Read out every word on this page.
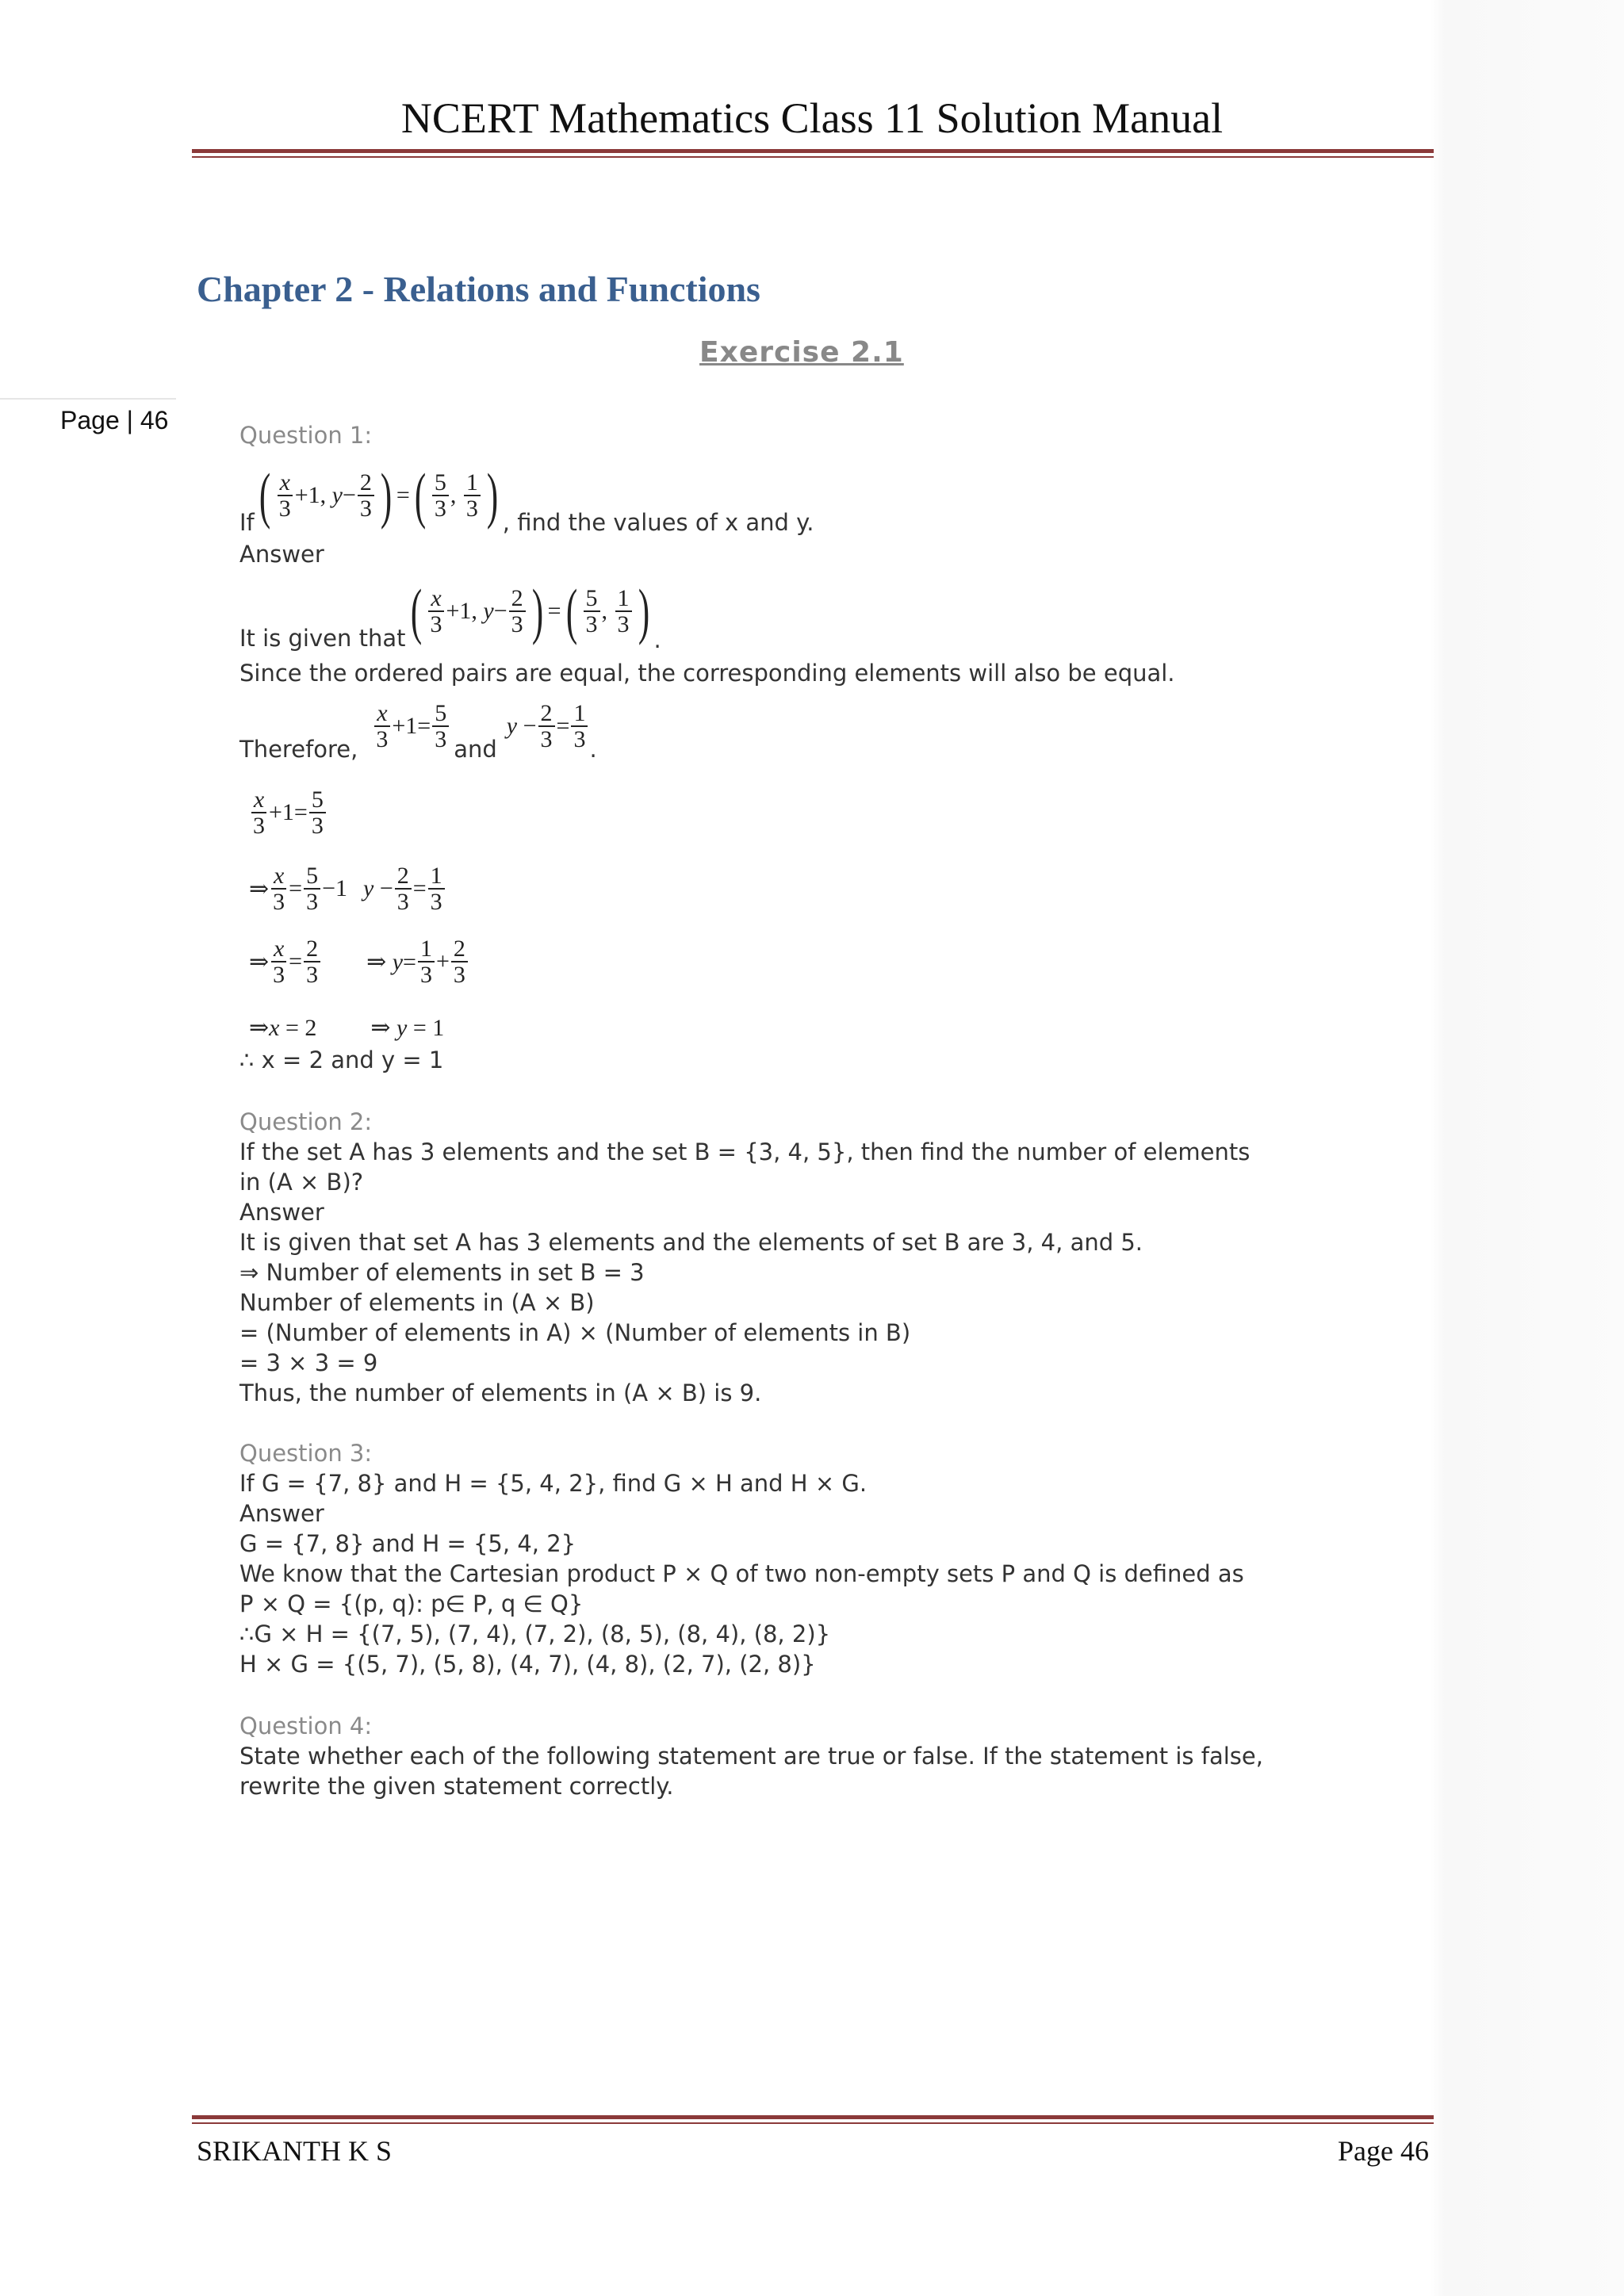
NCERT Mathematics Class 11 Solution Manual
Chapter 2 - Relations and Functions
Exercise 2.1
Page | 46
Question 1:
If ( $\frac{x}{3} +1$, $y - \frac{2}{3}$ ) = ( $\frac{5}{3}$ , $\frac{1}{3}$ ) , find the values of x and y.
Answer
It is given that ( $\frac{x}{3} +1$, $y - \frac{2}{3}$ ) = ( $\frac{5}{3}$ , $\frac{1}{3}$ ) .
Since the ordered pairs are equal, the corresponding elements will also be equal.
Therefore, $\frac{x}{3} +1= \frac{5}{3}$ and
$y - \frac{2}{3} = \frac{1}{3}$ .
$\frac{x}{3} +1= \frac{5}{3}$
⇒ $\frac{x}{3} = \frac{5}{3} -1$ $y - \frac{2}{3} = \frac{1}{3}$
⇒ $\frac{x}{3} = \frac{2}{3}$ ⇒ $y= \frac{1}{3} + \frac{2}{3}$
⇒x = 2 ⇒ y = 1
∴ x = 2 and y = 1
Question 2:
If the set A has 3 elements and the set B = {3, 4, 5}, then find the number of elements
in (A × B)?
Answer
It is given that set A has 3 elements and the elements of set B are 3, 4, and 5.
⇒ Number of elements in set B = 3
Number of elements in (A × B)
= (Number of elements in A) × (Number of elements in B)
= 3 × 3 = 9
Thus, the number of elements in (A × B) is 9.
Question 3:
If G = {7, 8} and H = {5, 4, 2}, find G × H and H × G.
Answer
G = {7, 8} and H = {5, 4, 2}
We know that the Cartesian product P × Q of two non-empty sets P and Q is defined as
P × Q = {(p, q): p∈ P, q ∈ Q}
∴G × H = {(7, 5), (7, 4), (7, 2), (8, 5), (8, 4), (8, 2)}
H × G = {(5, 7), (5, 8), (4, 7), (4, 8), (2, 7), (2, 8)}
Question 4:
State whether each of the following statement are true or false. If the statement is false,
rewrite the given statement correctly.
SRIKANTH K S	Page 46
